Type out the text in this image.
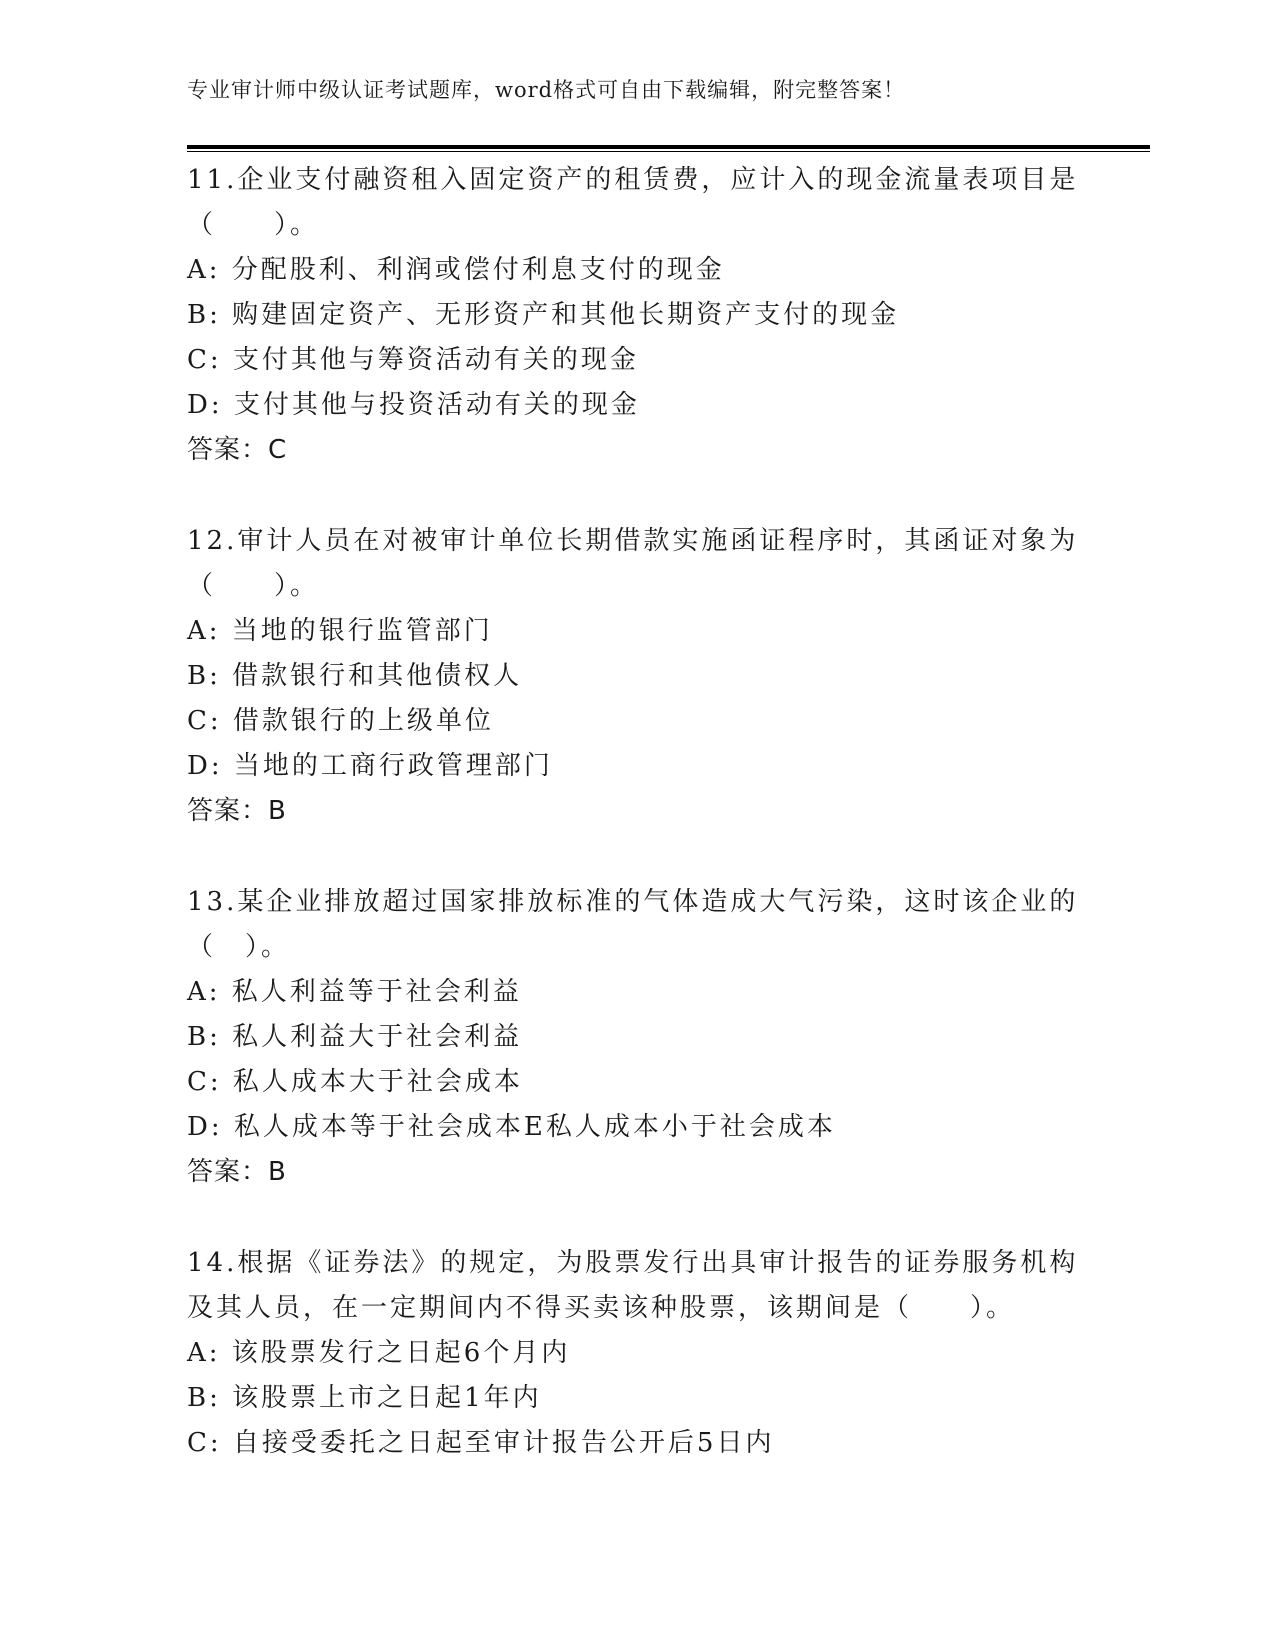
专业审计师中级认证考试题库，word格式可自由下载编辑，附完整答案！

11.企业支付融资租入固定资产的租赁费，应计入的现金流量表项目是（　　）。

A: 分配股利、利润或偿付利息支付的现金

B: 购建固定资产、无形资产和其他长期资产支付的现金

C: 支付其他与筹资活动有关的现金

D: 支付其他与投资活动有关的现金

答案：C

12.审计人员在对被审计单位长期借款实施函证程序时，其函证对象为（　　）。

A: 当地的银行监管部门

B: 借款银行和其他债权人

C: 借款银行的上级单位

D: 当地的工商行政管理部门

答案：B

13.某企业排放超过国家排放标准的气体造成大气污染，这时该企业的（　）。

A: 私人利益等于社会利益

B: 私人利益大于社会利益

C: 私人成本大于社会成本

D: 私人成本等于社会成本E私人成本小于社会成本

答案：B

14.根据《证券法》的规定，为股票发行出具审计报告的证券服务机构及其人员，在一定期间内不得买卖该种股票，该期间是（　　）。

A: 该股票发行之日起6个月内

B: 该股票上市之日起1年内

C: 自接受委托之日起至审计报告公开后5日内
